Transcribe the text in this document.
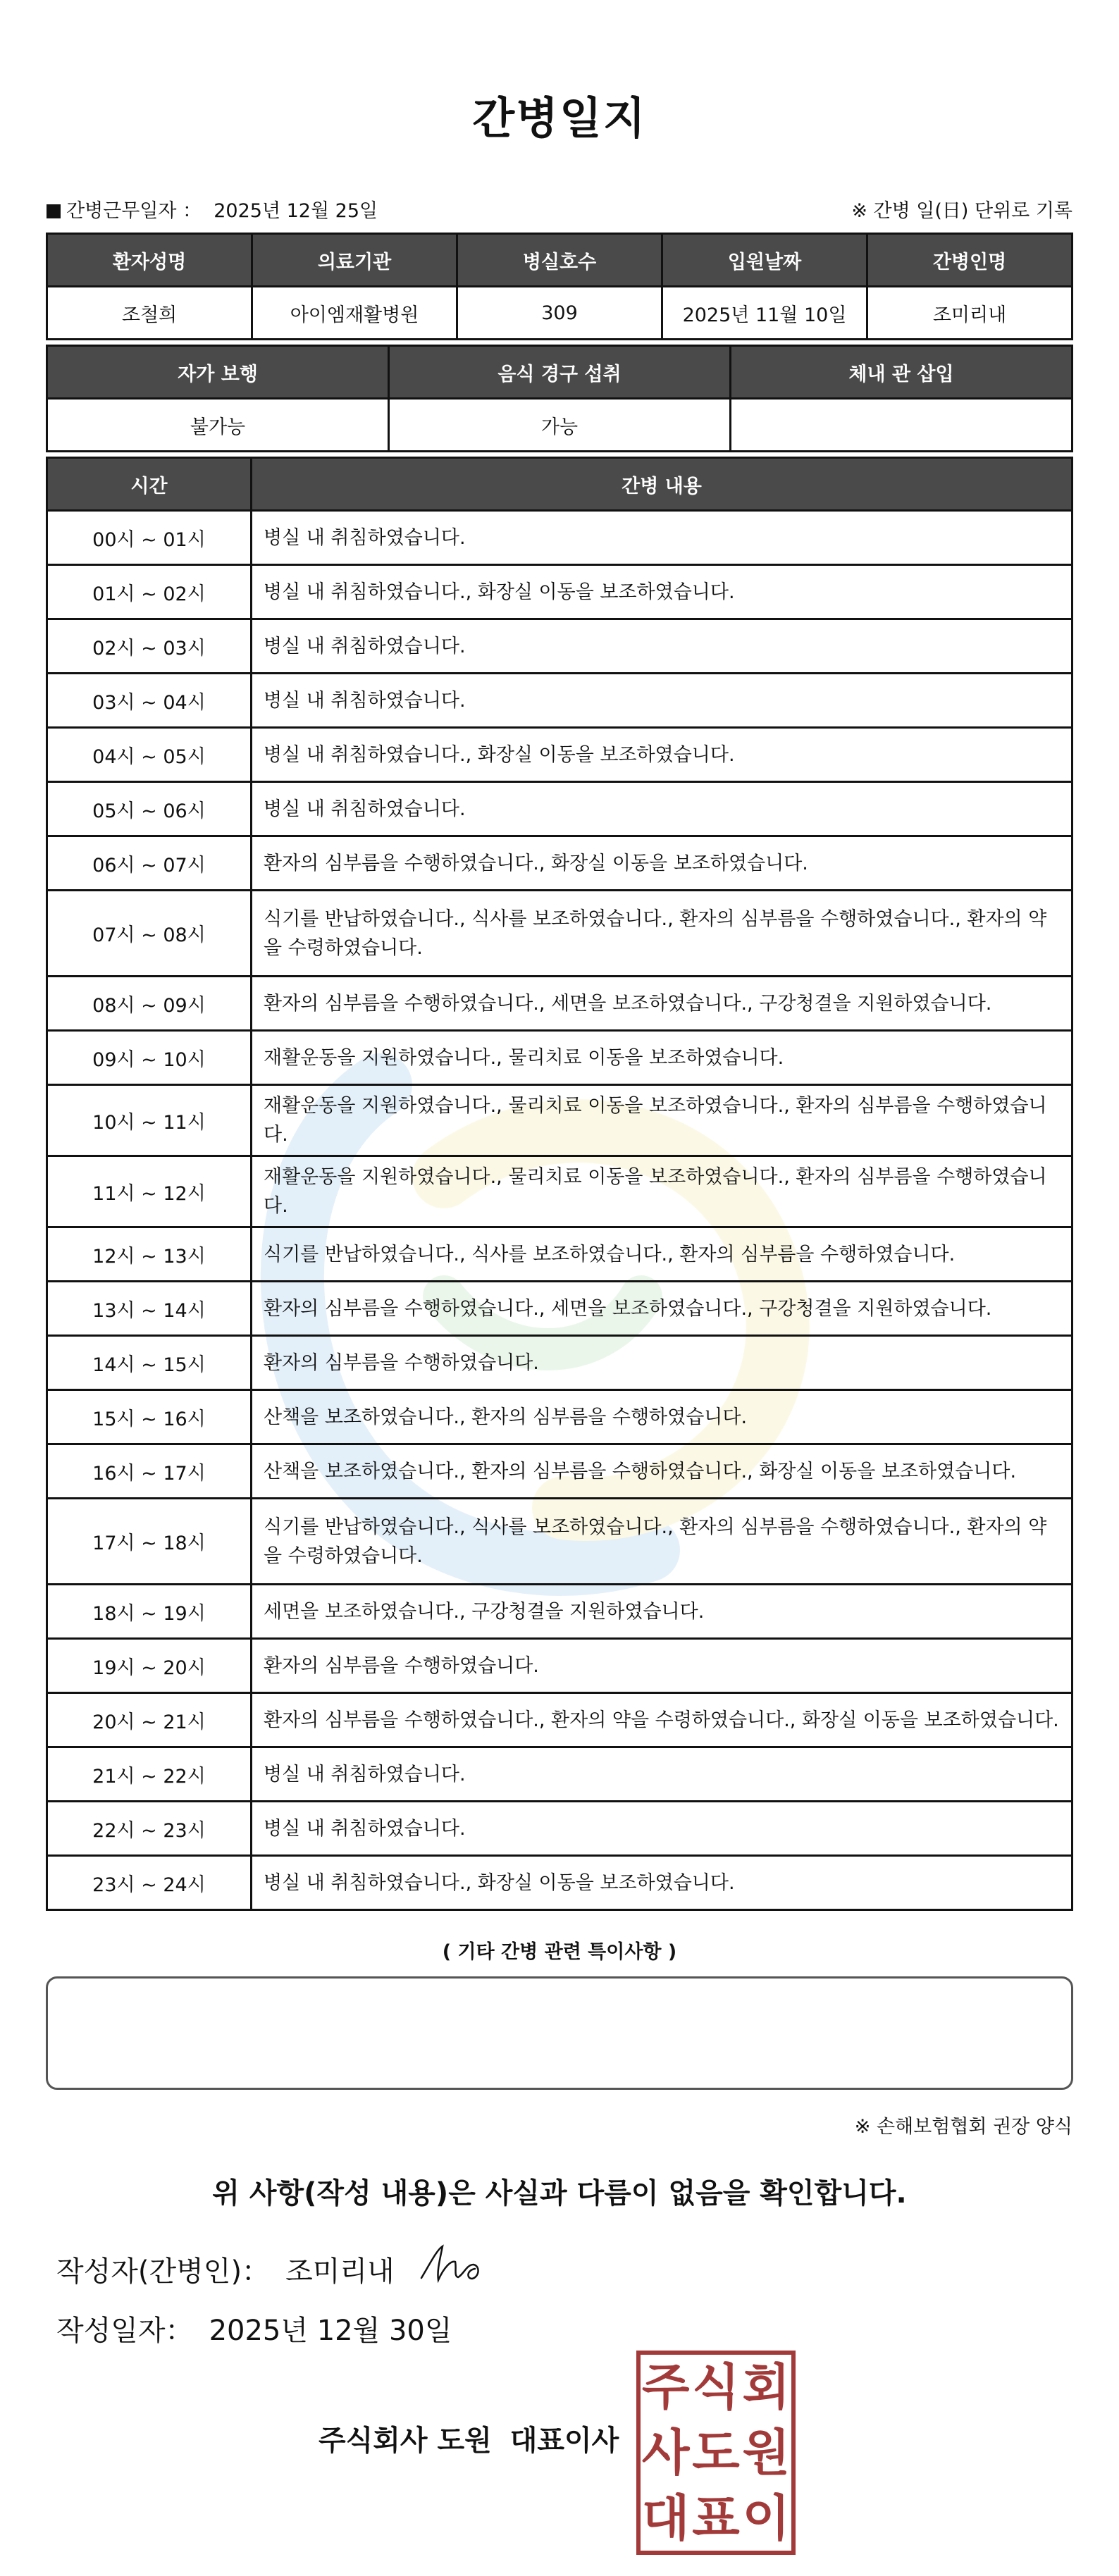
간병일지
간병근무일자 ： 2025년 12월 25일	※ 간병 일(日) 단위로 기록
환자성명	의료기관	병실호수	입원날짜	간병인명
조철희	아이엠재활병원	309	2025년 11월 10일	조미리내
자가 보행	음식 경구 섭취	체내 관 삽입
불가능	가능	
시간	간병 내용
00시 ~ 01시	병실 내 취침하였습니다.
01시 ~ 02시	병실 내 취침하였습니다., 화장실 이동을 보조하였습니다.
02시 ~ 03시	병실 내 취침하였습니다.
03시 ~ 04시	병실 내 취침하였습니다.
04시 ~ 05시	병실 내 취침하였습니다., 화장실 이동을 보조하였습니다.
05시 ~ 06시	병실 내 취침하였습니다.
06시 ~ 07시	환자의 심부름을 수행하였습니다., 화장실 이동을 보조하였습니다.
07시 ~ 08시	식기를 반납하였습니다., 식사를 보조하였습니다., 환자의 심부름을 수행하였습니다., 환자의 약을 수령하였습니다.
08시 ~ 09시	환자의 심부름을 수행하였습니다., 세면을 보조하였습니다., 구강청결을 지원하였습니다.
09시 ~ 10시	재활운동을 지원하였습니다., 물리치료 이동을 보조하였습니다.
10시 ~ 11시	재활운동을 지원하였습니다., 물리치료 이동을 보조하였습니다., 환자의 심부름을 수행하였습니다.
11시 ~ 12시	재활운동을 지원하였습니다., 물리치료 이동을 보조하였습니다., 환자의 심부름을 수행하였습니다.
12시 ~ 13시	식기를 반납하였습니다., 식사를 보조하였습니다., 환자의 심부름을 수행하였습니다.
13시 ~ 14시	환자의 심부름을 수행하였습니다., 세면을 보조하였습니다., 구강청결을 지원하였습니다.
14시 ~ 15시	환자의 심부름을 수행하였습니다.
15시 ~ 16시	산책을 보조하였습니다., 환자의 심부름을 수행하였습니다.
16시 ~ 17시	산책을 보조하였습니다., 환자의 심부름을 수행하였습니다., 화장실 이동을 보조하였습니다.
17시 ~ 18시	식기를 반납하였습니다., 식사를 보조하였습니다., 환자의 심부름을 수행하였습니다., 환자의 약을 수령하였습니다.
18시 ~ 19시	세면을 보조하였습니다., 구강청결을 지원하였습니다.
19시 ~ 20시	환자의 심부름을 수행하였습니다.
20시 ~ 21시	환자의 심부름을 수행하였습니다., 환자의 약을 수령하였습니다., 화장실 이동을 보조하였습니다.
21시 ~ 22시	병실 내 취침하였습니다.
22시 ~ 23시	병실 내 취침하였습니다.
23시 ~ 24시	병실 내 취침하였습니다., 화장실 이동을 보조하였습니다.
( 기타 간병 관련 특이사항 )
※ 손해보험협회 권장 양식
위 사항(작성 내용)은 사실과 다름이 없음을 확인합니다.
작성자(간병인)： 조미리내
작성일자： 2025년 12월 30일
주식회사 도원 대표이사
주 식 회
사 도 원
대 표 이
